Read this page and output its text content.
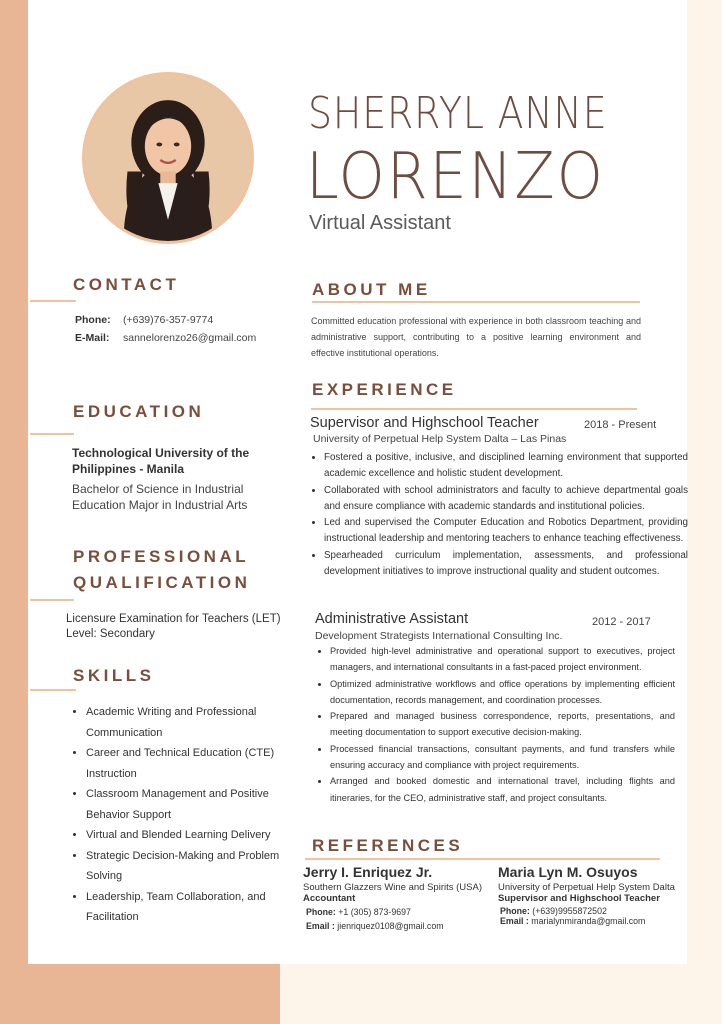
SHERRYL ANNE
LORENZO
Virtual Assistant
CONTACT
Phone: (+639)76-357-9774
E-Mail: sannelorenzo26@gmail.com
EDUCATION
Technological University of the Philippines - Manila
Bachelor of Science in Industrial Education Major in Industrial Arts
PROFESSIONAL
QUALIFICATION
Licensure Examination for Teachers (LET)
Level: Secondary
SKILLS
• Academic Writing and Professional Communication
• Career and Technical Education (CTE) Instruction
• Classroom Management and Positive Behavior Support
• Virtual and Blended Learning Delivery
• Strategic Decision-Making and Problem Solving
• Leadership, Team Collaboration, and Facilitation
ABOUT ME
Committed education professional with experience in both classroom teaching and administrative support, contributing to a positive learning environment and effective institutional operations.
EXPERIENCE
Supervisor and Highschool Teacher	2018 - Present
University of Perpetual Help System Dalta – Las Pinas
• Fostered a positive, inclusive, and disciplined learning environment that supported academic excellence and holistic student development.
• Collaborated with school administrators and faculty to achieve departmental goals and ensure compliance with academic standards and institutional policies.
• Led and supervised the Computer Education and Robotics Department, providing instructional leadership and mentoring teachers to enhance teaching effectiveness.
• Spearheaded curriculum implementation, assessments, and professional development initiatives to improve instructional quality and student outcomes.
Administrative Assistant	2012 - 2017
Development Strategists International Consulting Inc.
• Provided high-level administrative and operational support to executives, project managers, and international consultants in a fast-paced project environment.
• Optimized administrative workflows and office operations by implementing efficient documentation, records management, and coordination processes.
• Prepared and managed business correspondence, reports, presentations, and meeting documentation to support executive decision-making.
• Processed financial transactions, consultant payments, and fund transfers while ensuring accuracy and compliance with project requirements.
• Arranged and booked domestic and international travel, including flights and itineraries, for the CEO, administrative staff, and project consultants.
REFERENCES
Jerry I. Enriquez Jr.
Southern Glazzers Wine and Spirits (USA)
Accountant
Phone: +1 (305) 873-9697
Email : jienriquez0108@gmail.com
Maria Lyn M. Osuyos
University of Perpetual Help System Dalta
Supervisor and Highschool Teacher
Phone: (+639)9955872502
Email : marialynmiranda@gmail.com
